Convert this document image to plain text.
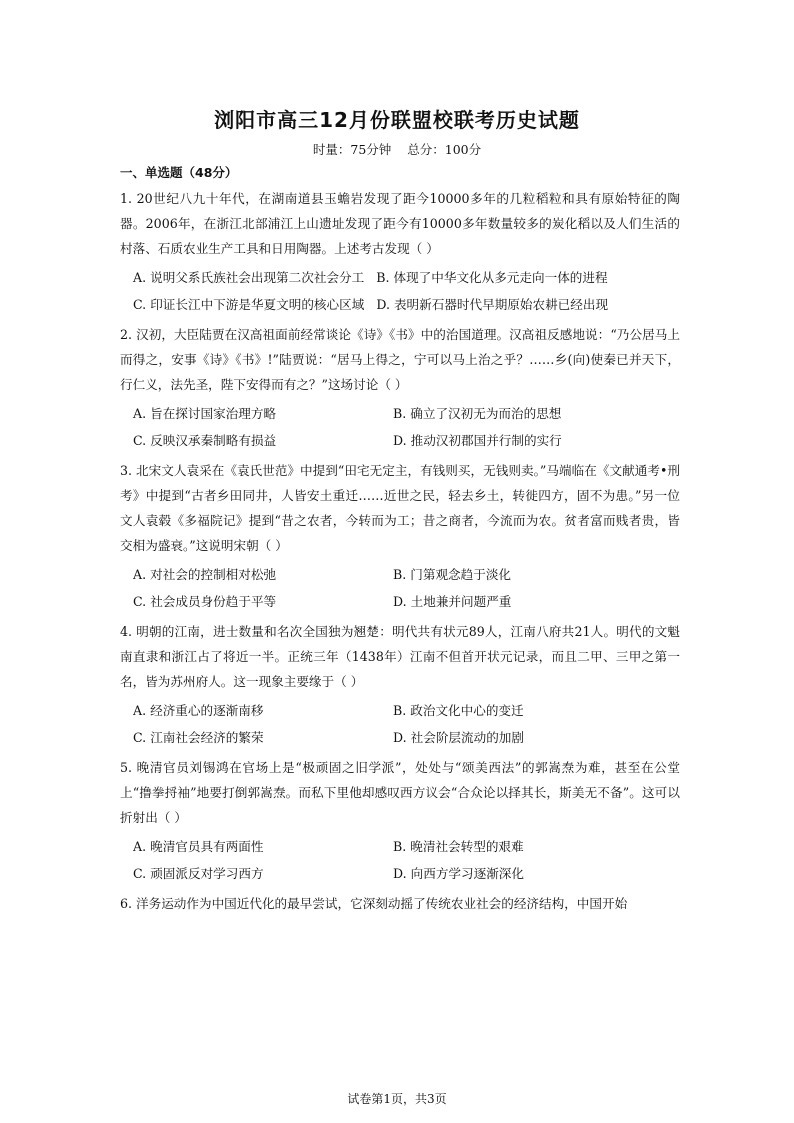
浏阳市高三12月份联盟校联考历史试题
时量：75分钟 总分：100分
一、单选题（48分）

1. 20世纪八九十年代，在湖南道县玉蟾岩发现了距今10000多年的几粒稻粒和具有原始特征的陶器。2006年，在浙江北部浦江上山遗址发现了距今有10000多年数量较多的炭化稻以及人们生活的村落、石质农业生产工具和日用陶器。上述考古发现（ ）

A. 说明父系氏族社会出现第二次社会分工 B. 体现了中华文化从多元走向一体的进程
C. 印证长江中下游是华夏文明的核心区域 D. 表明新石器时代早期原始农耕已经出现

2. 汉初，大臣陆贾在汉高祖面前经常谈论《诗》《书》中的治国道理。汉高祖反感地说：“乃公居马上而得之，安事《诗》《书》!”陆贾说：“居马上得之，宁可以马上治之乎？……乡(向)使秦已并天下，行仁义，法先圣，陛下安得而有之？”这场讨论（ ）

A. 旨在探讨国家治理方略	B. 确立了汉初无为而治的思想
C. 反映汉承秦制略有损益	D. 推动汉初郡国并行制的实行

3. 北宋文人袁采在《袁氏世范》中提到“田宅无定主，有钱则买，无钱则卖。”马端临在《文献通考•刑考》中提到“古者乡田同井，人皆安土重迁……近世之民，轻去乡土，转徙四方，固不为患。”另一位文人袁毂《多福院记》提到“昔之农者，今转而为工；昔之商者，今流而为农。贫者富而贱者贵，皆交相为盛衰。”这说明宋朝（ ）

A. 对社会的控制相对松弛	B. 门第观念趋于淡化
C. 社会成员身份趋于平等	D. 土地兼并问题严重

4. 明朝的江南，进士数量和名次全国独为翘楚：明代共有状元89人，江南八府共21人。明代的文魁南直隶和浙江占了将近一半。正统三年（1438年）江南不但首开状元记录，而且二甲、三甲之第一名，皆为苏州府人。这一现象主要缘于（ ）

A. 经济重心的逐渐南移	B. 政治文化中心的变迁
C. 江南社会经济的繁荣	D. 社会阶层流动的加剧

5. 晚清官员刘锡鸿在官场上是“极顽固之旧学派”，处处与“颂美西法”的郭嵩焘为难，甚至在公堂上“撸拳捋袖”地要打倒郭嵩焘。而私下里他却感叹西方议会“合众论以择其长，斯美无不备”。这可以折射出（ ）

A. 晚清官员具有两面性	B. 晚清社会转型的艰难
C. 顽固派反对学习西方	D. 向西方学习逐渐深化

6. 洋务运动作为中国近代化的最早尝试，它深刻动摇了传统农业社会的经济结构，中国开始

试卷第1页，共3页
